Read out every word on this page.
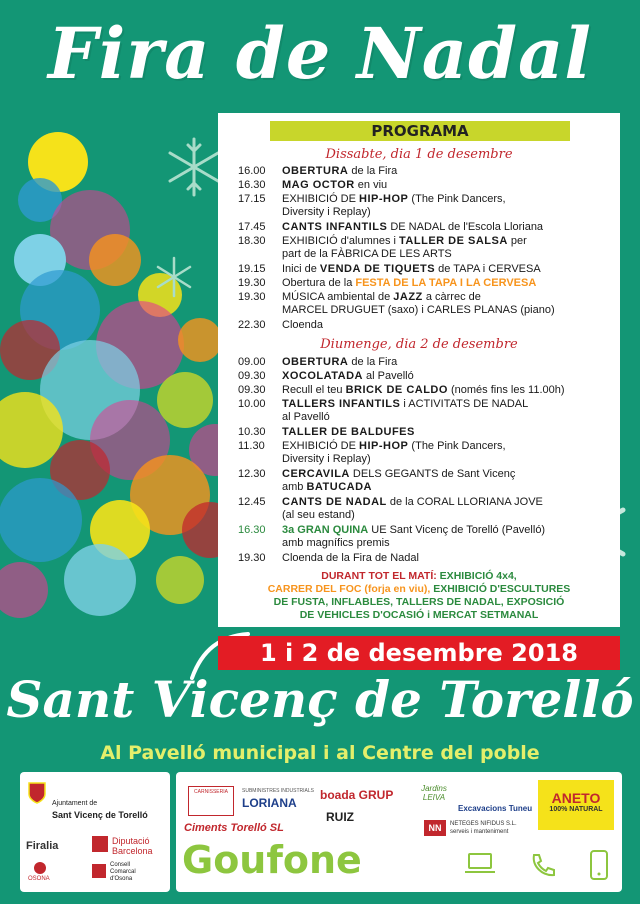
Fira de Nadal
PROGRAMA
Dissabte, dia 1 de desembre
16.00	OBERTURA de la Fira
16.30	MAG OCTOR en viu
17.15	EXHIBICIÓ DE HIP-HOP (The Pink Dancers,
Diversity i Replay)
17.45	CANTS INFANTILS DE NADAL de l'Escola Lloriana
18.30	EXHIBICIÓ d'alumnes i TALLER DE SALSA per
part de la FÀBRICA DE LES ARTS
19.15	Inici de VENDA DE TIQUETS de TAPA i CERVESA
19.30	Obertura de la FESTA DE LA TAPA I LA CERVESA
19.30	MÚSICA ambiental de JAZZ a càrrec de
MARCEL DRUGUET (saxo) i CARLES PLANAS (piano)
22.30	Cloenda
Diumenge, dia 2 de desembre
09.00	OBERTURA de la Fira
09.30	XOCOLATADA al Pavelló
09.30	Recull el teu BRICK DE CALDO (només fins les 11.00h)
10.00	TALLERS INFANTILS i ACTIVITATS DE NADAL
al Pavelló
10.30	TALLER DE BALDUFES
11.30	EXHIBICIÓ DE HIP-HOP (The Pink Dancers,
Diversity i Replay)
12.30	CERCAVILA DELS GEGANTS de Sant Vicenç
amb BATUCADA
12.45	CANTS DE NADAL de la CORAL LLORIANA JOVE
(al seu estand)
16.30	3a GRAN QUINA UE Sant Vicenç de Torelló (Pavelló)
amb magnífics premis
19.30	Cloenda de la Fira de Nadal
DURANT TOT EL MATÍ: EXHIBICIÓ 4x4,
CARRER DEL FOC (forja en viu), EXHIBICIÓ D'ESCULTURES
DE FUSTA, INFLABLES, TALLERS DE NADAL, EXPOSICIÓ
DE VEHICLES D'OCASIÓ i MERCAT SETMANAL
1 i 2 de desembre 2018
Sant Vicenç de Torelló
Al Pavelló municipal i al Centre del poble
Ajuntament de
Sant Vicenç de Torelló
Firalia	Diputació
Barcelona
OSONA
Consell
Comarcal
d'Osona
CARNISSERIA	SUBMINISTRES INDUSTRIALS
LORIANA
boada GRUP
RUIZ
Jardins LEIVA
Excavacions Tuneu
ANETO
100% NATURAL
Ciments Torelló SL	NN	NETEGES NIFIDUS S.L.
serveis i manteniment
Goufone
